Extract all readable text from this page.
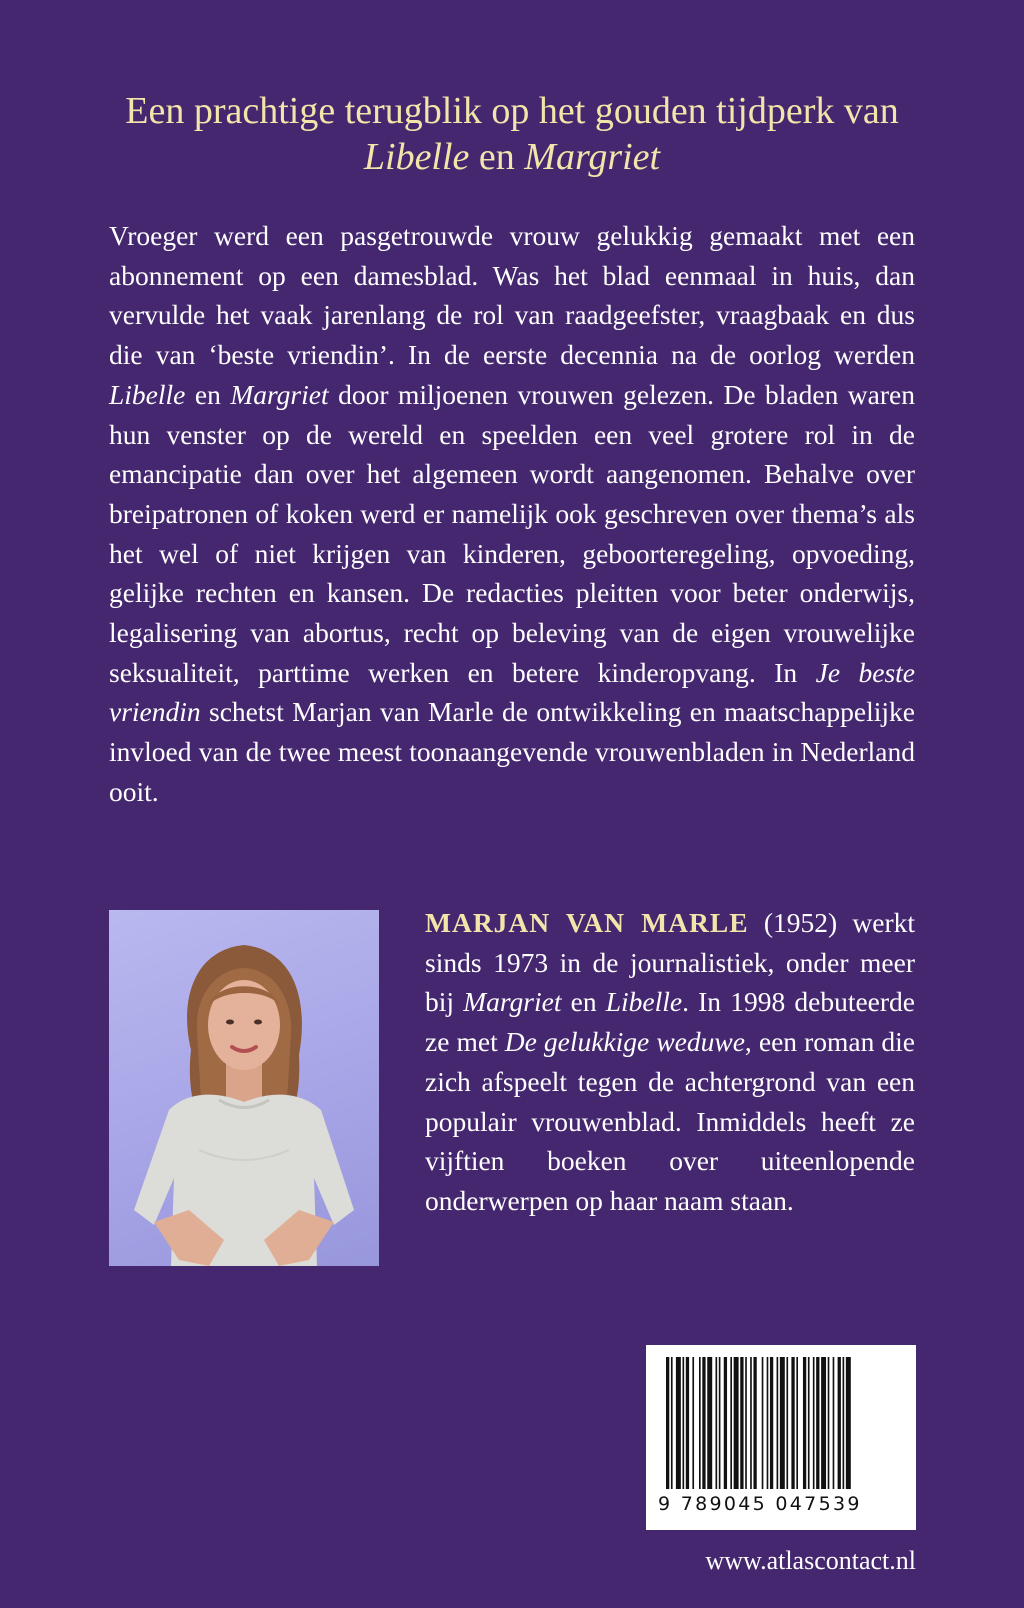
Een prachtige terugblik op het gouden tijdperk van
Libelle en Margriet
Vroeger werd een pasgetrouwde vrouw gelukkig gemaakt met een abonnement op een damesblad. Was het blad eenmaal in huis, dan vervulde het vaak jarenlang de rol van raadgeefster, vraagbaak en dus die van ‘beste vriendin’. In de eerste decennia na de oorlog werden Libelle en Margriet door miljoenen vrouwen gelezen. De bladen waren hun venster op de wereld en speelden een veel grotere rol in de emancipatie dan over het algemeen wordt aangenomen. Behalve over breipatronen of koken werd er namelijk ook geschreven over thema’s als het wel of niet krijgen van kinderen, geboorteregeling, opvoeding, gelijke rechten en kansen. De redacties pleitten voor beter onderwijs, legalisering van abortus, recht op beleving van de eigen vrouwelijke seksualiteit, parttime werken en betere kinderopvang. In Je beste vriendin schetst Marjan van Marle de ontwikkeling en maatschappelijke invloed van de twee meest toonaangevende vrouwenbladen in Nederland ooit.
MARJAN VAN MARLE (1952) werkt sinds 1973 in de journalistiek, onder meer bij Margriet en Libelle. In 1998 debuteerde ze met De gelukkige weduwe, een roman die zich afspeelt tegen de achtergrond van een populair vrouwenblad. Inmiddels heeft ze vijftien boeken over uiteenlopende onderwerpen op haar naam staan.
9 789045 047539
www.atlascontact.nl
